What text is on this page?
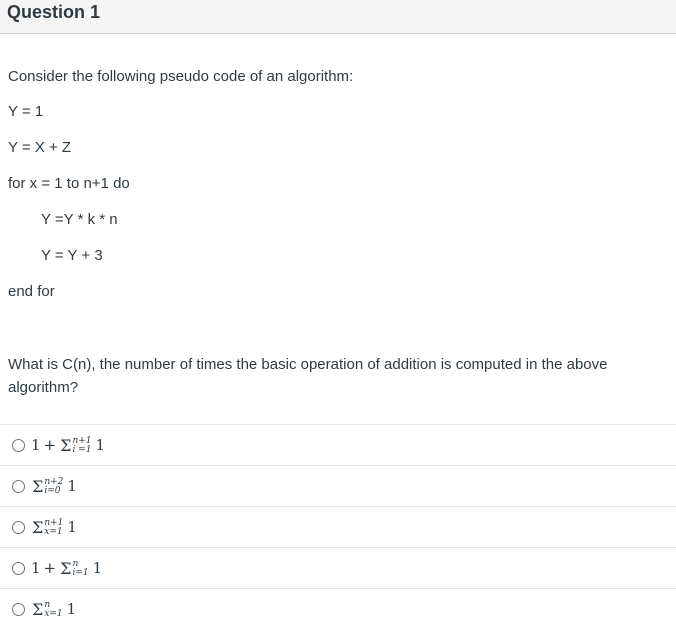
Question 1
Consider the following pseudo code of an algorithm:
Y = 1
Y = X + Z
for x = 1 to n+1 do
Y =Y * k * n
Y = Y + 3
end for
What is C(n), the number of times the basic operation of addition is computed in the above algorithm?
1 + Σ n+1
i =1 1
Σ n+2
i=0 1
Σ n+1
x=1 1
1 + Σ n
i=1 1
Σ n
x=1 1
